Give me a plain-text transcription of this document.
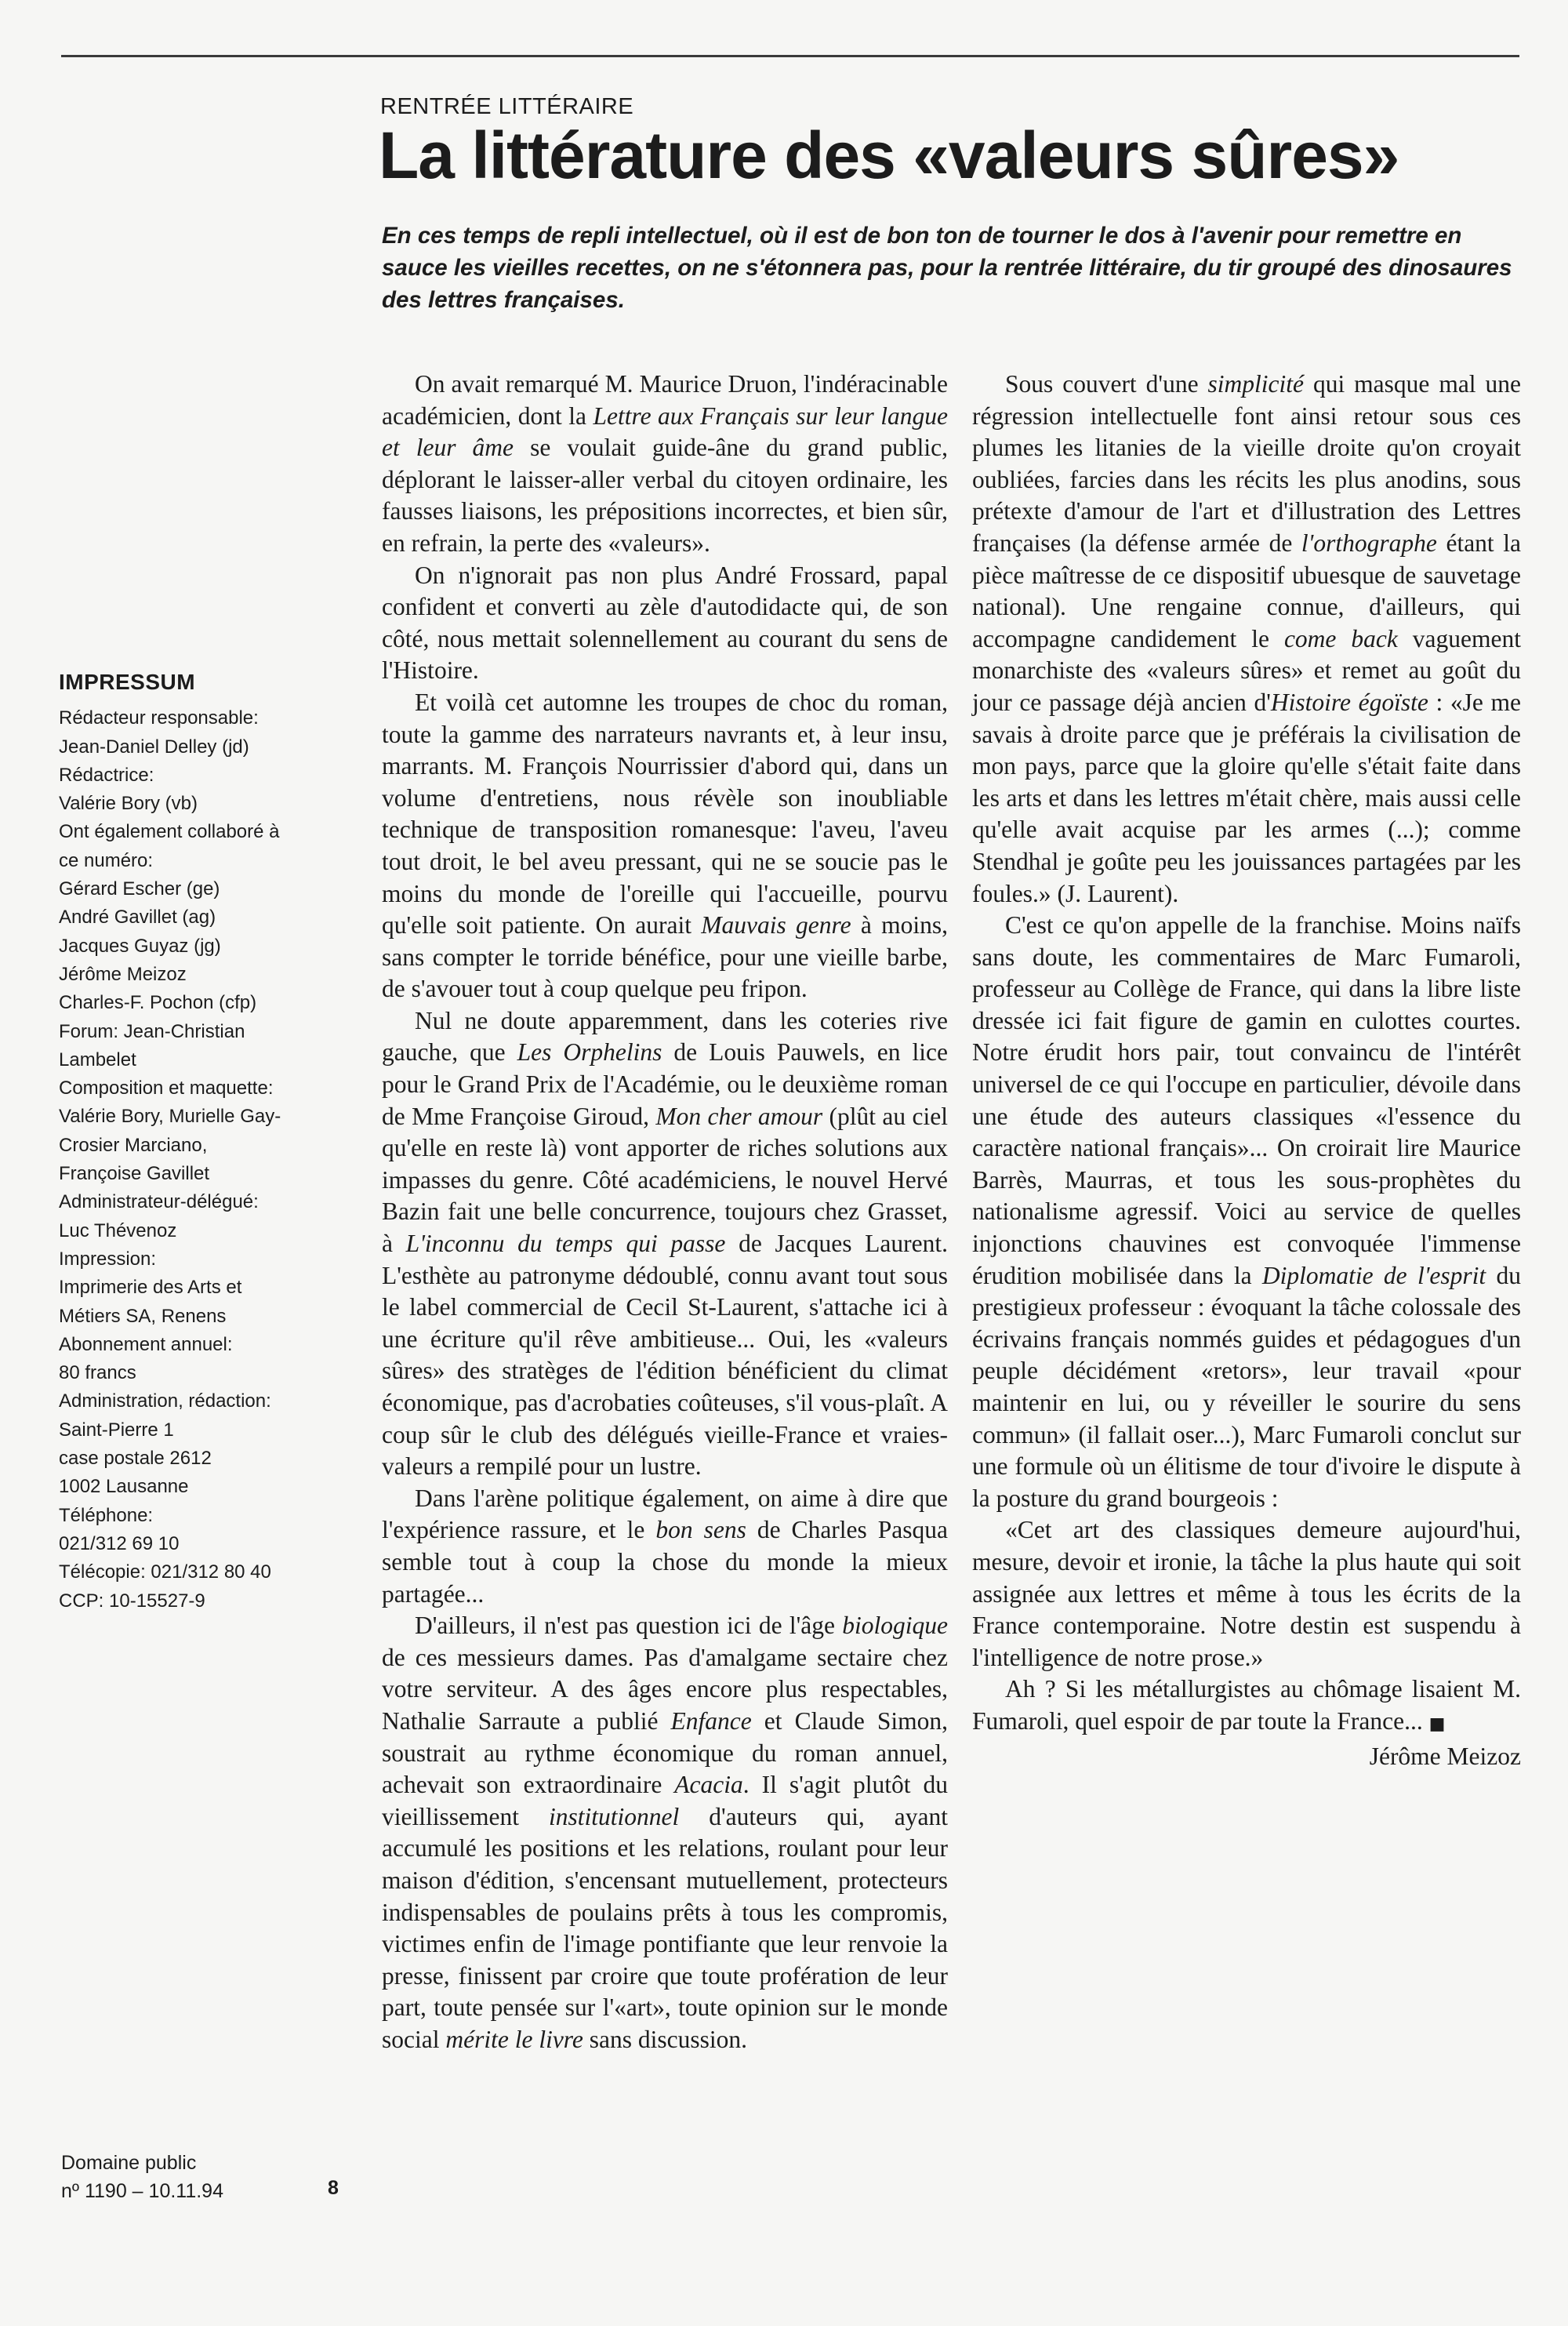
RENTRÉE LITTÉRAIRE
La littérature des «valeurs sûres»

En ces temps de repli intellectuel, où il est de bon ton de tourner le dos à l'avenir pour remettre en sauce les vieilles recettes, on ne s'étonnera pas, pour la rentrée littéraire, du tir groupé des dinosaures des lettres françaises.

IMPRESSUM
Rédacteur responsable:
Jean-Daniel Delley (jd)
Rédactrice:
Valérie Bory (vb)
Ont également collaboré à
ce numéro:
Gérard Escher (ge)
André Gavillet (ag)
Jacques Guyaz (jg)
Jérôme Meizoz
Charles-F. Pochon (cfp)
Forum: Jean-Christian
Lambelet
Composition et maquette:
Valérie Bory, Murielle Gay-
Crosier Marciano,
Françoise Gavillet
Administrateur-délégué:
Luc Thévenoz
Impression:
Imprimerie des Arts et
Métiers SA, Renens
Abonnement annuel:
80 francs
Administration, rédaction:
Saint-Pierre 1
case postale 2612
1002 Lausanne
Téléphone:
021/312 69 10
Télécopie: 021/312 80 40
CCP: 10-15527-9
Domaine public
nº 1190 – 10.11.94	8

On avait remarqué M. Maurice Druon, l'indéracinable académicien, dont la Lettre aux Français sur leur langue et leur âme se voulait guide-âne du grand public, déplorant le laisser-aller verbal du citoyen ordinaire, les fausses liaisons, les prépositions incorrectes, et bien sûr, en refrain, la perte des «valeurs».

On n'ignorait pas non plus André Frossard, papal confident et converti au zèle d'autodidacte qui, de son côté, nous mettait solennellement au courant du sens de l'Histoire.

Et voilà cet automne les troupes de choc du roman, toute la gamme des narrateurs navrants et, à leur insu, marrants. M. François Nourrissier d'abord qui, dans un volume d'entretiens, nous révèle son inoubliable technique de transposition romanesque: l'aveu, l'aveu tout droit, le bel aveu pressant, qui ne se soucie pas le moins du monde de l'oreille qui l'accueille, pourvu qu'elle soit patiente. On aurait Mauvais genre à moins, sans compter le torride bénéfice, pour une vieille barbe, de s'avouer tout à coup quelque peu fripon.

Nul ne doute apparemment, dans les coteries rive gauche, que Les Orphelins de Louis Pauwels, en lice pour le Grand Prix de l'Académie, ou le deuxième roman de Mme Françoise Giroud, Mon cher amour (plût au ciel qu'elle en reste là) vont apporter de riches solutions aux impasses du genre. Côté académiciens, le nouvel Hervé Bazin fait une belle concurrence, toujours chez Grasset, à L'inconnu du temps qui passe de Jacques Laurent. L'esthète au patronyme dédoublé, connu avant tout sous le label commercial de Cecil St-Laurent, s'attache ici à une écriture qu'il rêve ambitieuse... Oui, les «valeurs sûres» des stratèges de l'édition bénéficient du climat économique, pas d'acrobaties coûteuses, s'il vous-plaît. A coup sûr le club des délégués vieille-France et vraies-valeurs a rempilé pour un lustre.

Dans l'arène politique également, on aime à dire que l'expérience rassure, et le bon sens de Charles Pasqua semble tout à coup la chose du monde la mieux partagée...

D'ailleurs, il n'est pas question ici de l'âge biologique de ces messieurs dames. Pas d'amalgame sectaire chez votre serviteur. A des âges encore plus respectables, Nathalie Sarraute a publié Enfance et Claude Simon, soustrait au rythme économique du roman annuel, achevait son extraordinaire Acacia. Il s'agit plutôt du vieillissement institutionnel d'auteurs qui, ayant accumulé les positions et les relations, roulant pour leur maison d'édition, s'encensant mutuellement, protecteurs indispensables de poulains prêts à tous les compromis, victimes enfin de l'image pontifiante que leur renvoie la presse, finissent par croire que toute profération de leur part, toute pensée sur l'«art», toute opinion sur le monde social mérite le livre sans discussion.

Sous couvert d'une simplicité qui masque mal une régression intellectuelle font ainsi retour sous ces plumes les litanies de la vieille droite qu'on croyait oubliées, farcies dans les récits les plus anodins, sous prétexte d'amour de l'art et d'illustration des Lettres françaises (la défense armée de l'orthographe étant la pièce maîtresse de ce dispositif ubuesque de sauvetage national). Une rengaine connue, d'ailleurs, qui accompagne candidement le come back vaguement monarchiste des «valeurs sûres» et remet au goût du jour ce passage déjà ancien d'Histoire égoïste : «Je me savais à droite parce que je préférais la civilisation de mon pays, parce que la gloire qu'elle s'était faite dans les arts et dans les lettres m'était chère, mais aussi celle qu'elle avait acquise par les armes (...); comme Stendhal je goûte peu les jouissances partagées par les foules.» (J. Laurent).

C'est ce qu'on appelle de la franchise. Moins naïfs sans doute, les commentaires de Marc Fumaroli, professeur au Collège de France, qui dans la libre liste dressée ici fait figure de gamin en culottes courtes. Notre érudit hors pair, tout convaincu de l'intérêt universel de ce qui l'occupe en particulier, dévoile dans une étude des auteurs classiques «l'essence du caractère national français»... On croirait lire Maurice Barrès, Maurras, et tous les sous-prophètes du nationalisme agressif. Voici au service de quelles injonctions chauvines est convoquée l'immense érudition mobilisée dans la Diplomatie de l'esprit du prestigieux professeur : évoquant la tâche colossale des écrivains français nommés guides et pédagogues d'un peuple décidément «retors», leur travail «pour maintenir en lui, ou y réveiller le sourire du sens commun» (il fallait oser...), Marc Fumaroli conclut sur une formule où un élitisme de tour d'ivoire le dispute à la posture du grand bourgeois :

«Cet art des classiques demeure aujourd'hui, mesure, devoir et ironie, la tâche la plus haute qui soit assignée aux lettres et même à tous les écrits de la France contemporaine. Notre destin est suspendu à l'intelligence de notre prose.»

Ah ? Si les métallurgistes au chômage lisaient M. Fumaroli, quel espoir de par toute la France... ■

Jérôme Meizoz
